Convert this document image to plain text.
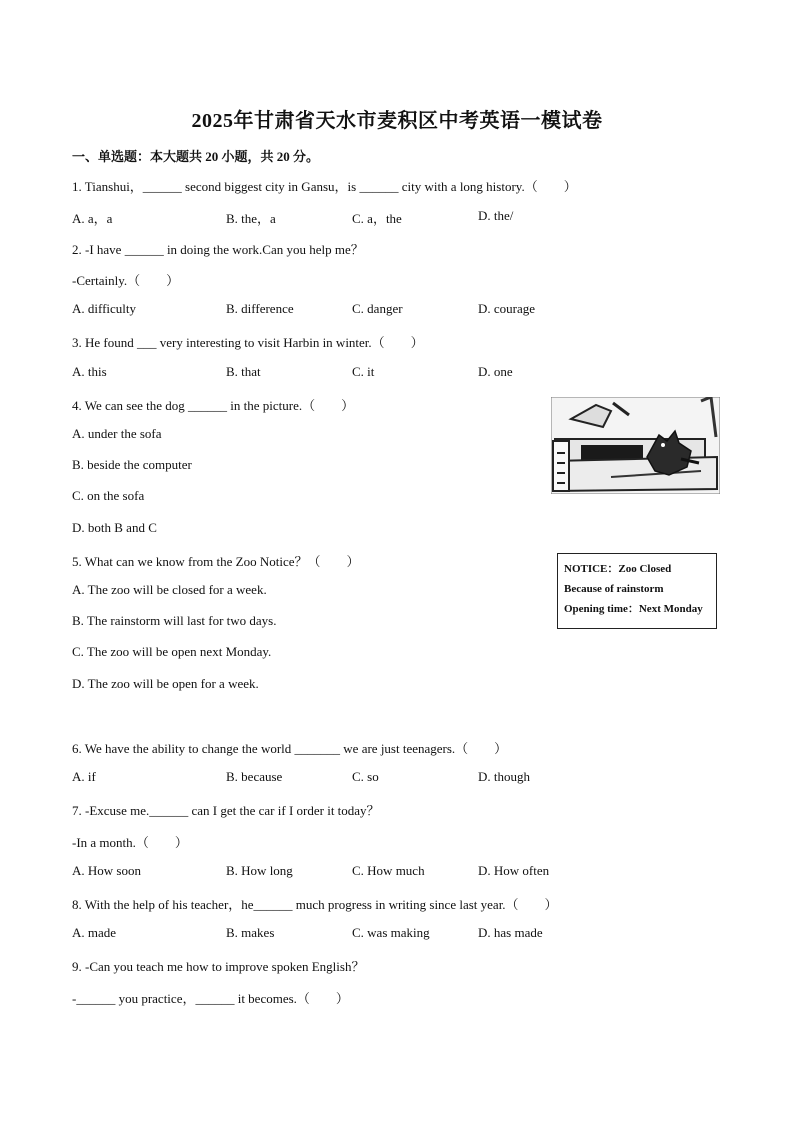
2025年甘肃省天水市麦积区中考英语一模试卷
一、单选题：本大题共 20 小题，共 20 分。
1. Tianshui，______ second biggest city in Gansu，is ______ city with a long history.（　　）
A. a，a	B. the，a	C. a，the	D. the/
2. -I have ______ in doing the work.Can you help me？
-Certainly.（　　）
A. difficulty	B. difference	C. danger	D. courage
3. He found ___ very interesting to visit Harbin in winter.（　　）
A. this	B. that	C. it	D. one
4. We can see the dog ______ in the picture.（　　）
A. under the sofa
B. beside the computer
C. on the sofa
D. both B and C
5. What can we know from the Zoo Notice？（　　）
A. The zoo will be closed for a week.
B. The rainstorm will last for two days.
C. The zoo will be open next Monday.
D. The zoo will be open for a week.
NOTICE：Zoo Closed
Because of rainstorm
Opening time：Next Monday
6. We have the ability to change the world _______ we are just teenagers.（　　）
A. if	B. because	C. so	D. though
7. -Excuse me.______ can I get the car if I order it today？
-In a month.（　　）
A. How soon	B. How long	C. How much	D. How often
8. With the help of his teacher，he______ much progress in writing since last year.（　　）
A. made	B. makes	C. was making	D. has made
9. -Can you teach me how to improve spoken English？
-______ you practice，______ it becomes.（　　）
